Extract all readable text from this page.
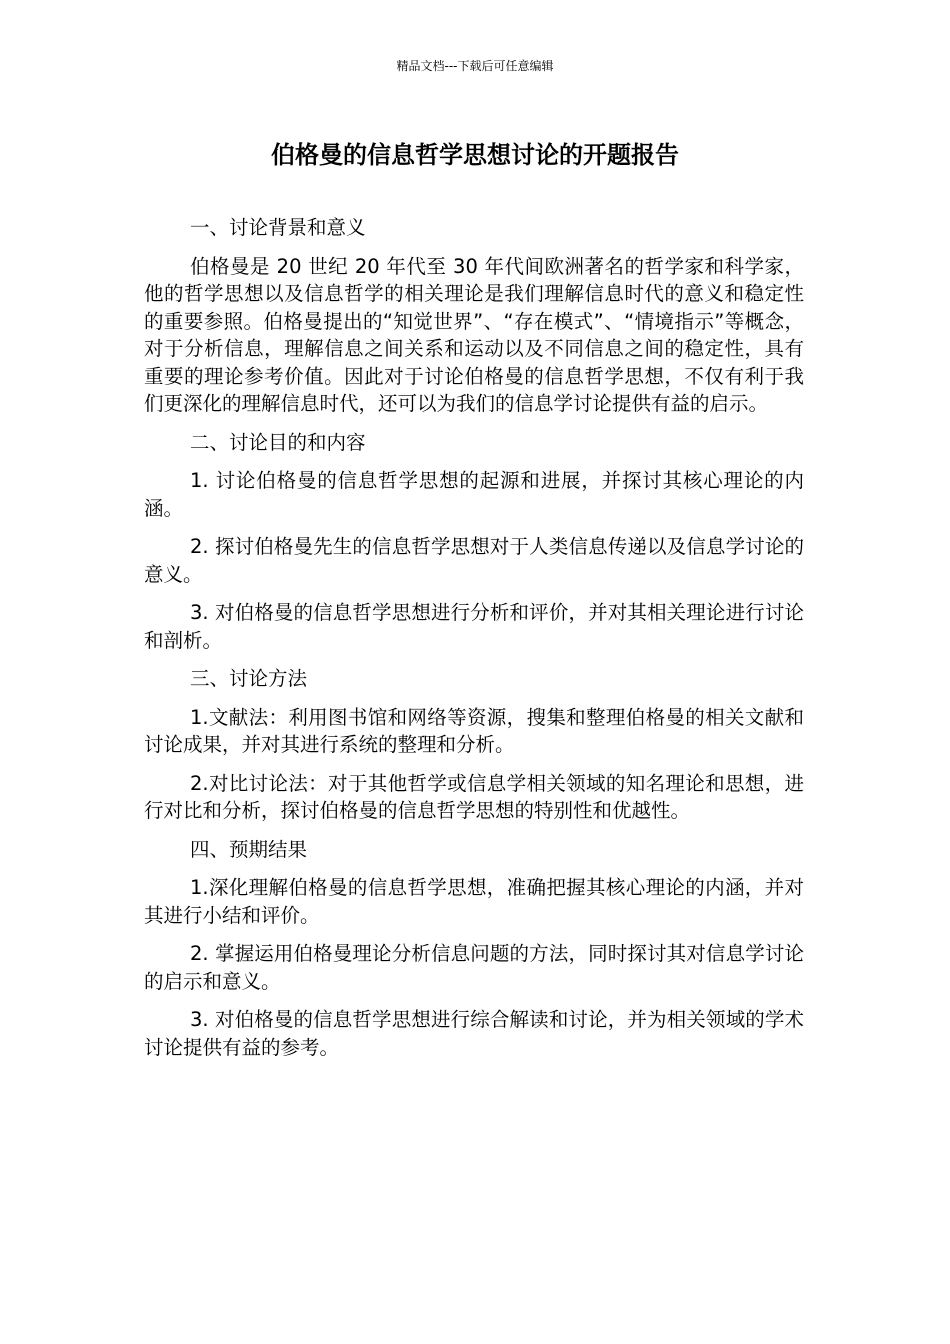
精品文档---下载后可任意编辑
伯格曼的信息哲学思想讨论的开题报告

一、讨论背景和意义

伯格曼是 20 世纪 20 年代至 30 年代间欧洲著名的哲学家和科学家，他的哲学思想以及信息哲学的相关理论是我们理解信息时代的意义和稳定性的重要参照。伯格曼提出的“知觉世界”、“存在模式”、“情境指示”等概念，对于分析信息，理解信息之间关系和运动以及不同信息之间的稳定性，具有重要的理论参考价值。因此对于讨论伯格曼的信息哲学思想，不仅有利于我们更深化的理解信息时代，还可以为我们的信息学讨论提供有益的启示。

二、讨论目的和内容

1. 讨论伯格曼的信息哲学思想的起源和进展，并探讨其核心理论的内涵。

2. 探讨伯格曼先生的信息哲学思想对于人类信息传递以及信息学讨论的意义。

3. 对伯格曼的信息哲学思想进行分析和评价，并对其相关理论进行讨论和剖析。

三、讨论方法

1.文献法：利用图书馆和网络等资源，搜集和整理伯格曼的相关文献和讨论成果，并对其进行系统的整理和分析。

2.对比讨论法：对于其他哲学或信息学相关领域的知名理论和思想，进行对比和分析，探讨伯格曼的信息哲学思想的特别性和优越性。

四、预期结果

1.深化理解伯格曼的信息哲学思想，准确把握其核心理论的内涵，并对其进行小结和评价。

2. 掌握运用伯格曼理论分析信息问题的方法，同时探讨其对信息学讨论的启示和意义。

3. 对伯格曼的信息哲学思想进行综合解读和讨论，并为相关领域的学术讨论提供有益的参考。
